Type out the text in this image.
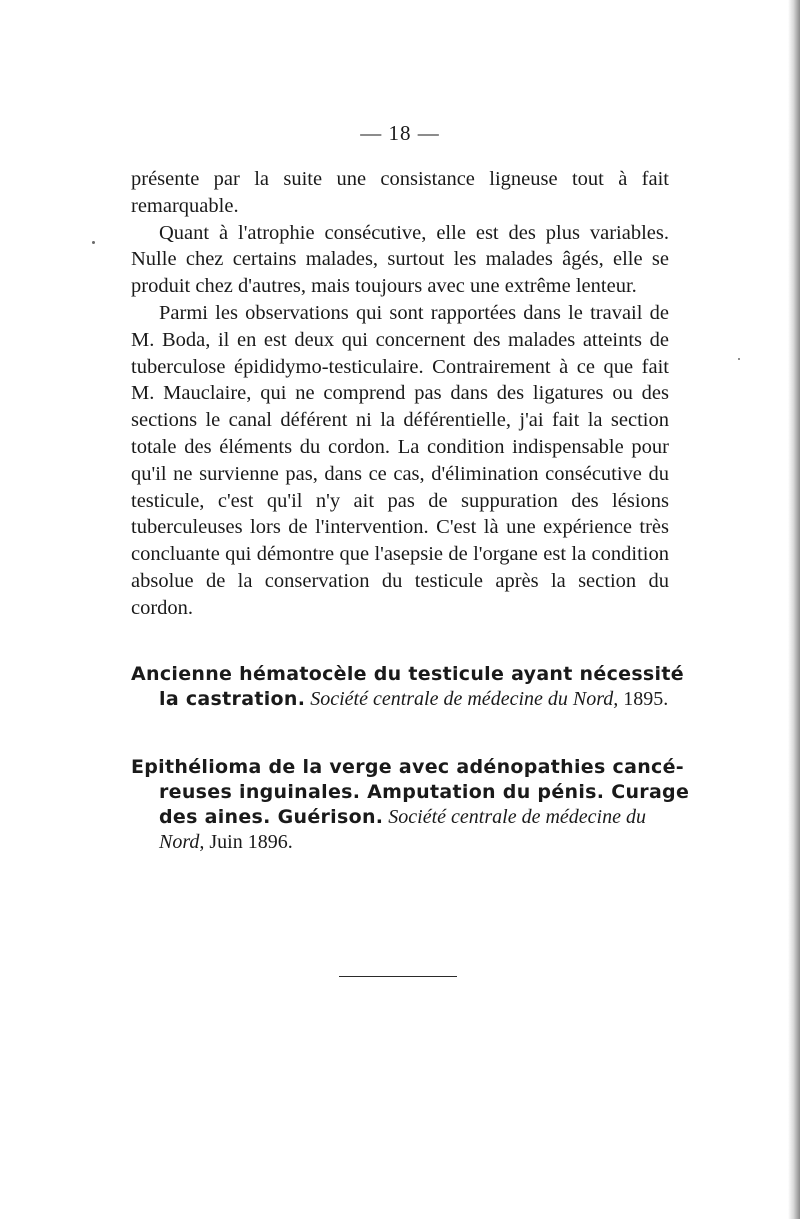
— 18 —

présente par la suite une consistance ligneuse tout à fait remarquable.

Quant à l'atrophie consécutive, elle est des plus variables. Nulle chez certains malades, surtout les malades âgés, elle se produit chez d'autres, mais toujours avec une extrême lenteur.

Parmi les observations qui sont rapportées dans le travail de M. Boda, il en est deux qui concernent des malades atteints de tuberculose épididymo-testiculaire. Contrairement à ce que fait M. Mauclaire, qui ne comprend pas dans des ligatures ou des sections le canal déférent ni la déférentielle, j'ai fait la section totale des éléments du cordon. La condition indispensable pour qu'il ne survienne pas, dans ce cas, d'élimination consécutive du testicule, c'est qu'il n'y ait pas de suppuration des lésions tuberculeuses lors de l'intervention. C'est là une expérience très concluante qui démontre que l'asepsie de l'organe est la condition absolue de la conservation du testicule après la section du cordon.

Ancienne hématocèle du testicule ayant nécessité
la castration. Société centrale de médecine du Nord, 1895.
Epithélioma de la verge avec adénopathies cancé-
reuses inguinales. Amputation du pénis. Curage
des aines. Guérison. Société centrale de médecine du
Nord, Juin 1896.
